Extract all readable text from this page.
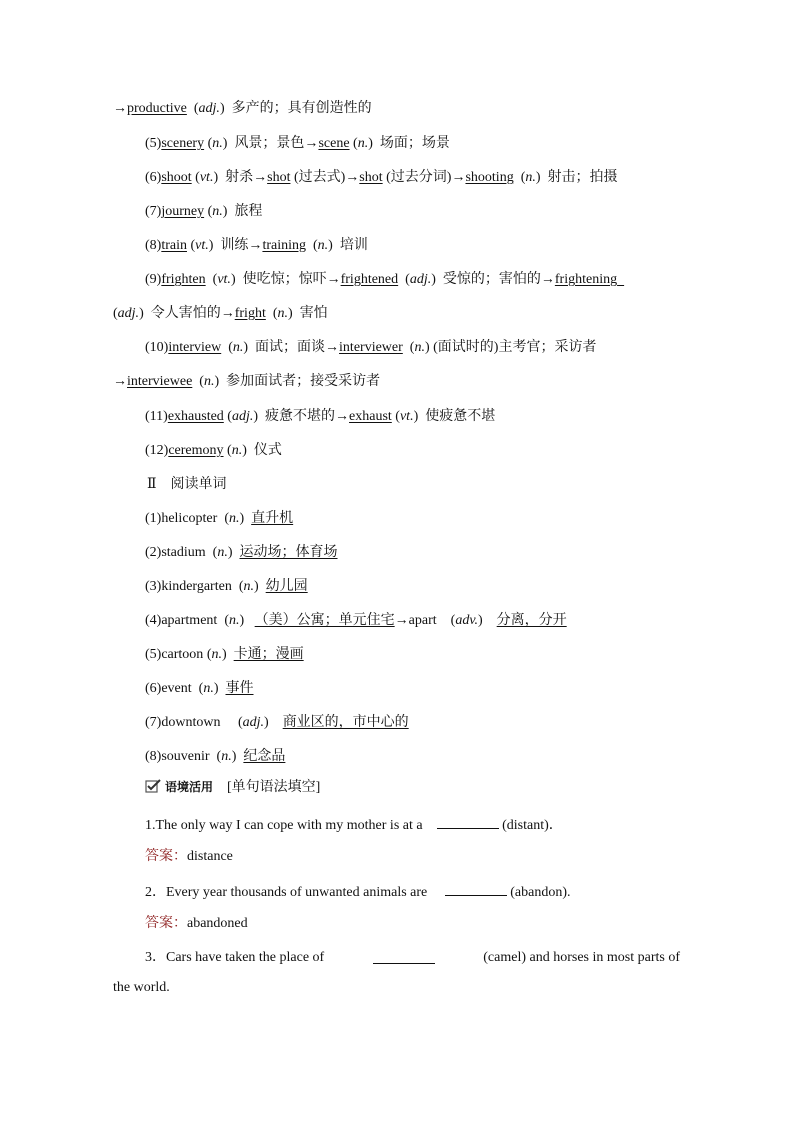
→productive  (adj.)  多产的；具有创造性的
(5)scenery (n.)  风景；景色→scene (n.)  场面；场景
(6)shoot (vt.)  射杀→shot (过去式)→shot (过去分词)→shooting  (n.)  射击；拍摄
(7)journey (n.)  旅程
(8)train (vt.)  训练→training  (n.)  培训
(9)frighten  (vt.)  使吃惊；惊吓→frightened  (adj.)  受惊的；害怕的→frightening
(adj.)  令人害怕的→fright  (n.)  害怕
(10)interview  (n.)  面试；面谈→interviewer  (n.) (面试时的)主考官；采访者
→interviewee  (n.)  参加面试者；接受采访者
(11)exhausted (adj.)  疲惫不堪的→exhaust (vt.)  使疲惫不堪
(12)ceremony (n.)  仪式
Ⅱ 阅读单词
(1)helicopter  (n.)  直升机
(2)stadium  (n.)  运动场；体育场
(3)kindergarten  (n.)  幼儿园
(4)apartment  (n.)   （美）公寓；单元住宅→apart    (adv.)    分离，分开
(5)cartoon (n.)  卡通；漫画
(6)event  (n.)  事件
(7)downtown     (adj.)    商业区的，市中心的
(8)souvenir  (n.)  纪念品
语境活用 [单句语法填空]
1.The only way I can cope with my mother is at a	(distant)．
答案：distance
2．Every year thousands of unwanted animals are	(abandon).
答案：abandoned
3．Cars have taken the place of	(camel) and horses in most parts of
the world.
